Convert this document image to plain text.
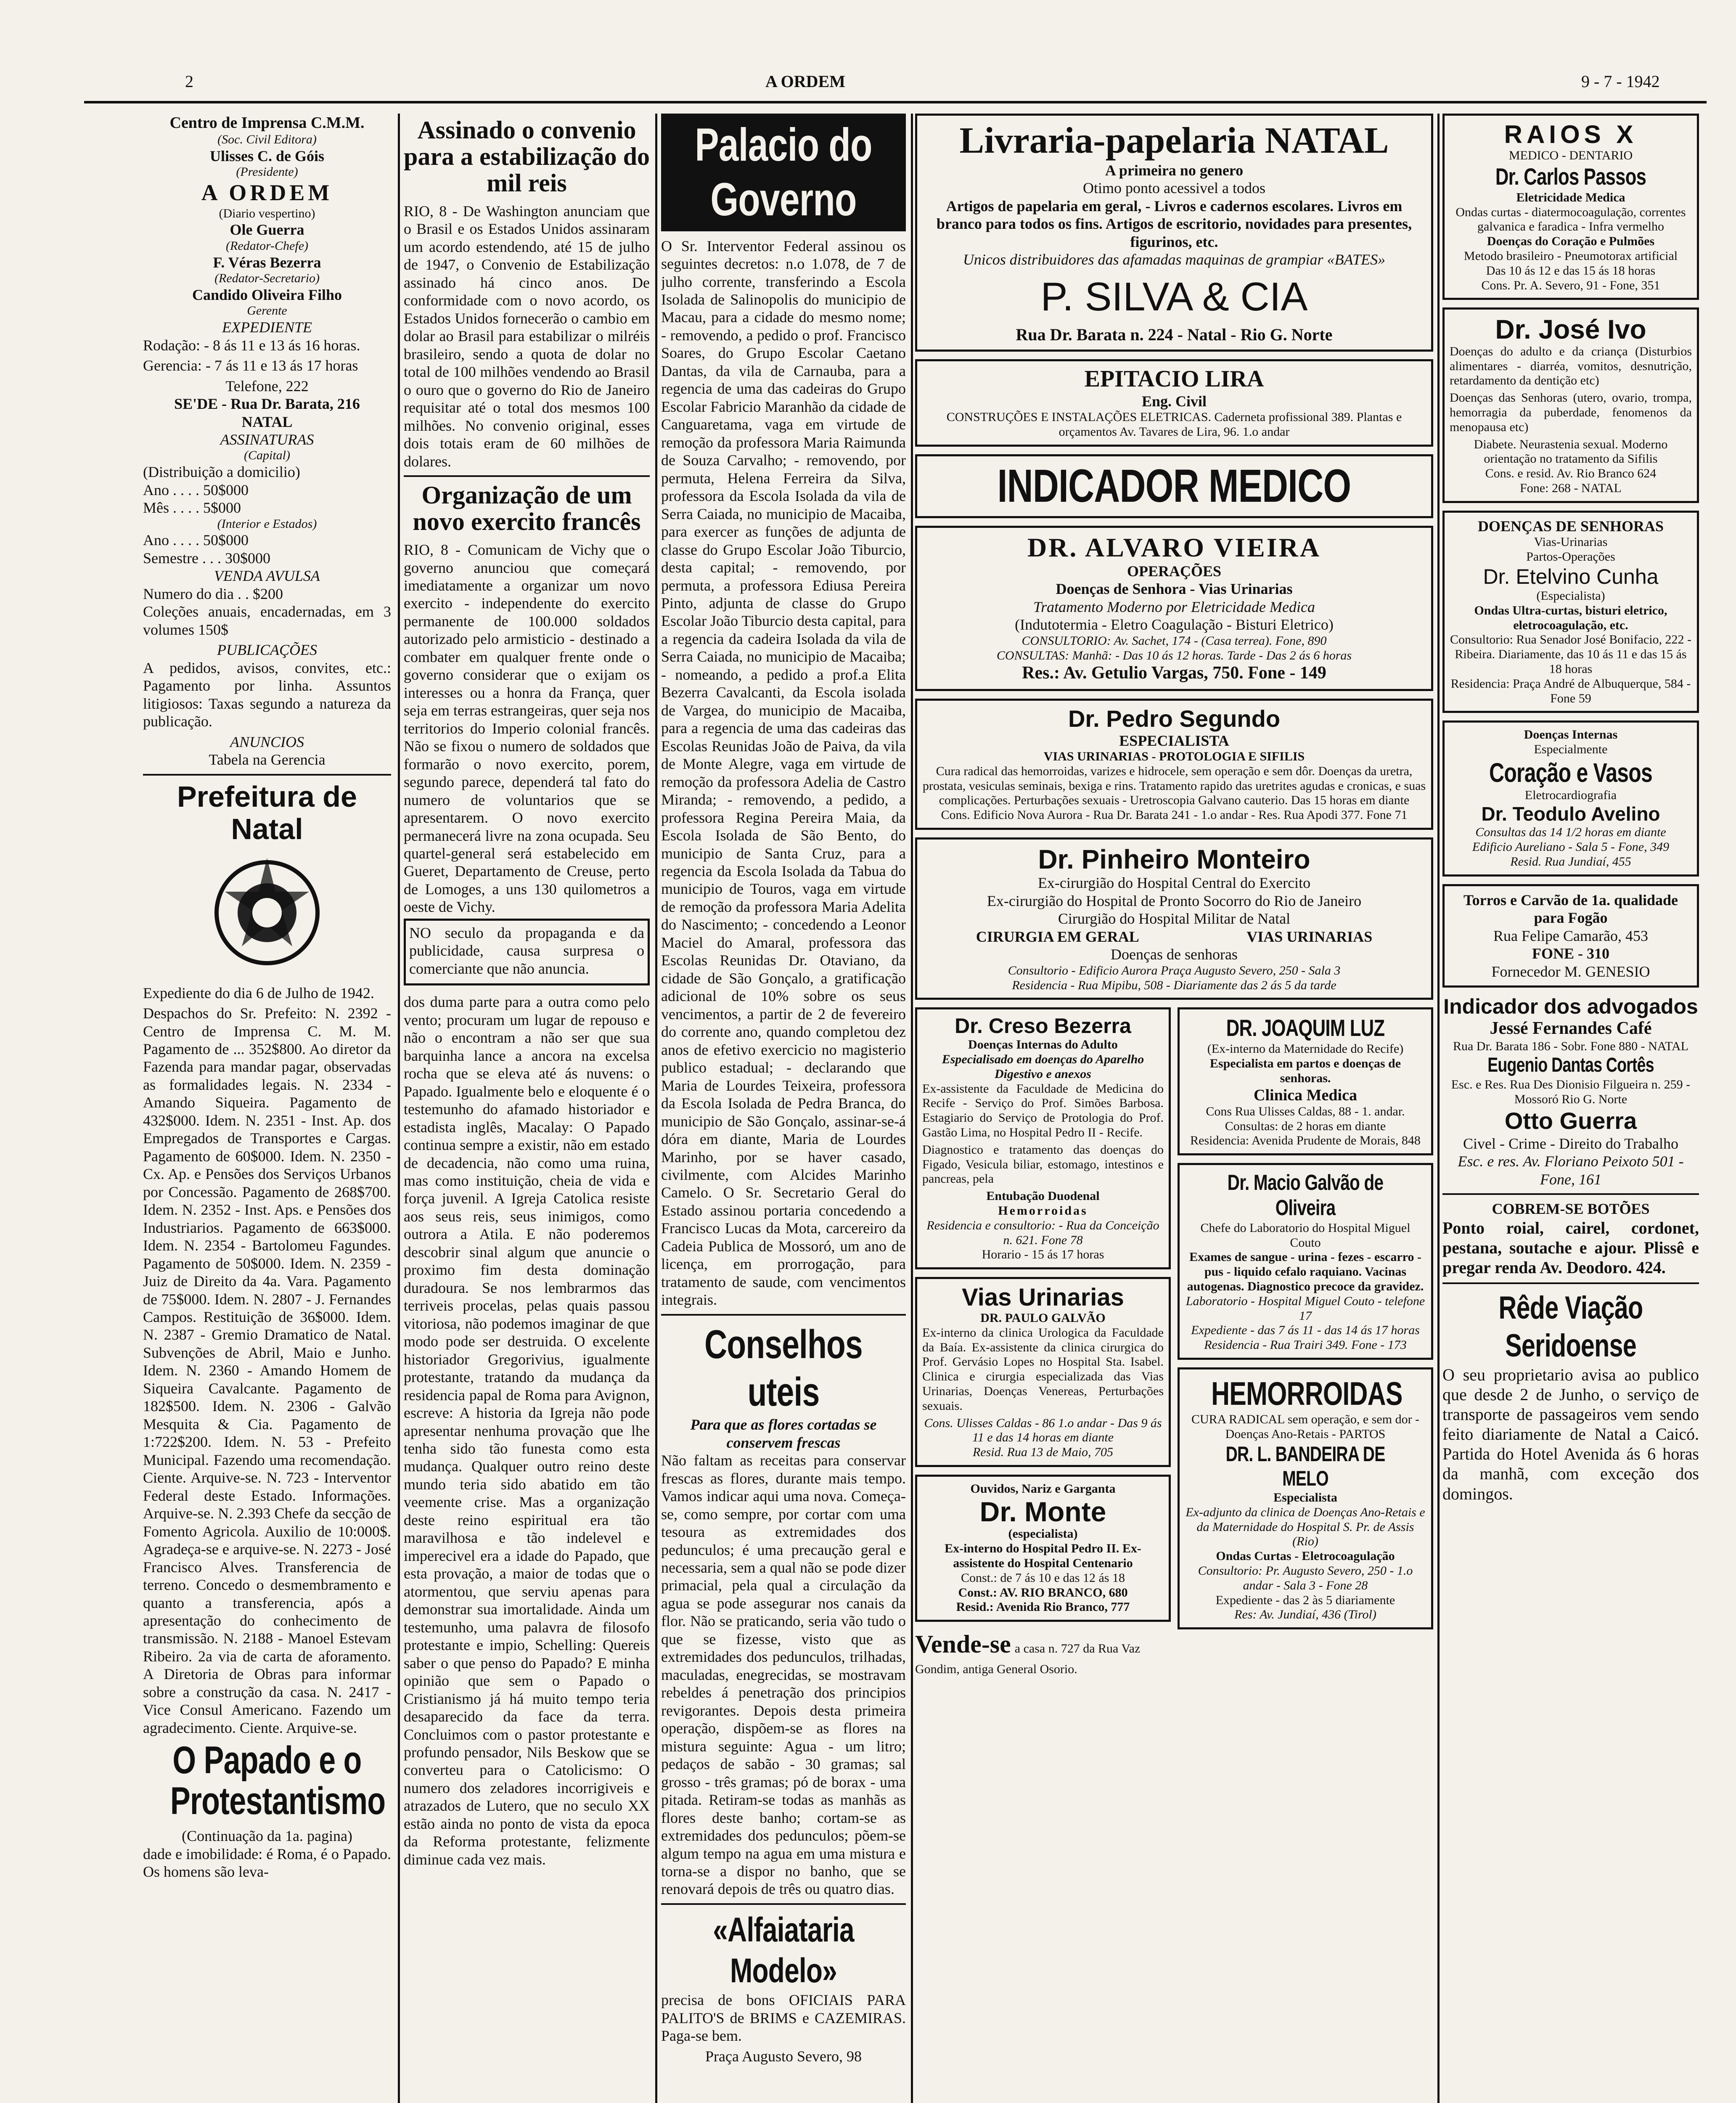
2	A ORDEM	9 - 7 - 1942
Centro de Imprensa C.M.M.
(Soc. Civil Editora)
Ulisses C. de Góis
(Presidente)
A ORDEM
(Diario vespertino)
Ole Guerra
(Redator-Chefe)
F. Véras Bezerra
(Redator-Secretario)
Candido Oliveira Filho
Gerente
EXPEDIENTE

Rodação: - 8 ás 11 e 13 ás 16 horas.

Gerencia: - 7 ás 11 e 13 ás 17 horas

Telefone, 222
SE'DE - Rua Dr. Barata, 216
NATAL
ASSINATURAS
(Capital)
(Distribuição a domicilio)
Ano . . . . 50$000
Mês . . . . 5$000
(Interior e Estados)
Ano . . . . 50$000
Semestre . . . 30$000
VENDA AVULSA
Numero do dia . . $200

Coleções anuais, encadernadas, em 3 volumes 150$

PUBLICAÇÕES

A pedidos, avisos, convites, etc.: Pagamento por linha. Assuntos litigiosos: Taxas segundo a natureza da publicação.

ANUNCIOS
Tabela na Gerencia
Prefeitura de Natal

Expediente do dia 6 de Julho de 1942.

Despachos do Sr. Prefeito: N. 2392 - Centro de Imprensa C. M. M. Pagamento de ... 352$800. Ao diretor da Fazenda para mandar pagar, observadas as formalidades legais. N. 2334 - Amando Siqueira. Pagamento de 432$000. Idem. N. 2351 - Inst. Ap. dos Empregados de Transportes e Cargas. Pagamento de 60$000. Idem. N. 2350 - Cx. Ap. e Pensões dos Serviços Urbanos por Concessão. Pagamento de 268$700. Idem. N. 2352 - Inst. Aps. e Pensões dos Industriarios. Pagamento de 663$000. Idem. N. 2354 - Bartolomeu Fagundes. Pagamento de 50$000. Idem. N. 2359 - Juiz de Direito da 4a. Vara. Pagamento de 75$000. Idem. N. 2807 - J. Fernandes Campos. Restituição de 36$000. Idem. N. 2387 - Gremio Dramatico de Natal. Subvenções de Abril, Maio e Junho. Idem. N. 2360 - Amando Homem de Siqueira Cavalcante. Pagamento de 182$500. Idem. N. 2306 - Galvão Mesquita & Cia. Pagamento de 1:722$200. Idem. N. 53 - Prefeito Municipal. Fazendo uma recomendação. Ciente. Arquive-se. N. 723 - Interventor Federal deste Estado. Informações. Arquive-se. N. 2.393 Chefe da secção de Fomento Agricola. Auxilio de 10:000$. Agradeça-se e arquive-se. N. 2273 - José Francisco Alves. Transferencia de terreno. Concedo o desmembramento e quanto a transferencia, após a apresentação do conhecimento de transmissão. N. 2188 - Manoel Estevam Ribeiro. 2a via de carta de aforamento. A Diretoria de Obras para informar sobre a construção da casa. N. 2417 - Vice Consul Americano. Fazendo um agradecimento. Ciente. Arquive-se.

O Papado e o Protestantismo
(Continuação da 1a. pagina)

dade e imobilidade: é Roma, é o Papado. Os homens são leva-

Assinado o convenio para a estabilização do mil reis

RIO, 8 - De Washington anunciam que o Brasil e os Estados Unidos assinaram um acordo estendendo, até 15 de julho de 1947, o Convenio de Estabilização assinado há cinco anos. De conformidade com o novo acordo, os Estados Unidos fornecerão o cambio em dolar ao Brasil para estabilizar o milréis brasileiro, sendo a quota de dolar no total de 100 milhões vendendo ao Brasil o ouro que o governo do Rio de Janeiro requisitar até o total dos mesmos 100 milhões. No convenio original, esses dois totais eram de 60 milhões de dolares.

Organização de um novo exercito francês

RIO, 8 - Comunicam de Vichy que o governo anunciou que começará imediatamente a organizar um novo exercito - independente do exercito permanente de 100.000 soldados autorizado pelo armisticio - destinado a combater em qualquer frente onde o governo considerar que o exijam os interesses ou a honra da França, quer seja em terras estrangeiras, quer seja nos territorios do Imperio colonial francês. Não se fixou o numero de soldados que formarão o novo exercito, porem, segundo parece, dependerá tal fato do numero de voluntarios que se apresentarem. O novo exercito permanecerá livre na zona ocupada. Seu quartel-general será estabelecido em Gueret, Departamento de Creuse, perto de Lomoges, a uns 130 quilometros a oeste de Vichy.

NO seculo da propaganda e da publicidade, causa surpresa o comerciante que não anuncia.

dos duma parte para a outra como pelo vento; procuram um lugar de repouso e não o encontram a não ser que sua barquinha lance a ancora na excelsa rocha que se eleva até ás nuvens: o Papado. Igualmente belo e eloquente é o testemunho do afamado historiador e estadista inglês, Macalay: O Papado continua sempre a existir, não em estado de decadencia, não como uma ruina, mas como instituição, cheia de vida e força juvenil. A Igreja Catolica resiste aos seus reis, seus inimigos, como outrora a Atila. E não poderemos descobrir sinal algum que anuncie o proximo fim desta dominação duradoura. Se nos lembrarmos das terriveis procelas, pelas quais passou vitoriosa, não podemos imaginar de que modo pode ser destruida. O excelente historiador Gregorivius, igualmente protestante, tratando da mudança da residencia papal de Roma para Avignon, escreve: A historia da Igreja não pode apresentar nenhuma provação que lhe tenha sido tão funesta como esta mudança. Qualquer outro reino deste mundo teria sido abatido em tão veemente crise. Mas a organização deste reino espiritual era tão maravilhosa e tão indelevel e imperecivel era a idade do Papado, que esta provação, a maior de todas que o atormentou, que serviu apenas para demonstrar sua imortalidade. Ainda um testemunho, uma palavra de filosofo protestante e impio, Schelling: Quereis saber o que penso do Papado? E minha opinião que sem o Papado o Cristianismo já há muito tempo teria desaparecido da face da terra. Concluimos com o pastor protestante e profundo pensador, Nils Beskow que se converteu para o Catolicismo: O numero dos zeladores incorrigiveis e atrazados de Lutero, que no seculo XX estão ainda no ponto de vista da epoca da Reforma protestante, felizmente diminue cada vez mais.

Palacio do Governo

O Sr. Interventor Federal assinou os seguintes decretos: n.o 1.078, de 7 de julho corrente, transferindo a Escola Isolada de Salinopolis do municipio de Macau, para a cidade do mesmo nome; - removendo, a pedido o prof. Francisco Soares, do Grupo Escolar Caetano Dantas, da vila de Carnauba, para a regencia de uma das cadeiras do Grupo Escolar Fabricio Maranhão da cidade de Canguaretama, vaga em virtude de remoção da professora Maria Raimunda de Souza Carvalho; - removendo, por permuta, Helena Ferreira da Silva, professora da Escola Isolada da vila de Serra Caiada, no municipio de Macaiba, para exercer as funções de adjunta de classe do Grupo Escolar João Tiburcio, desta capital; - removendo, por permuta, a professora Ediusa Pereira Pinto, adjunta de classe do Grupo Escolar João Tiburcio desta capital, para a regencia da cadeira Isolada da vila de Serra Caiada, no municipio de Macaiba; - nomeando, a pedido a prof.a Elita Bezerra Cavalcanti, da Escola isolada de Vargea, do municipio de Macaiba, para a regencia de uma das cadeiras das Escolas Reunidas João de Paiva, da vila de Monte Alegre, vaga em virtude de remoção da professora Adelia de Castro Miranda; - removendo, a pedido, a professora Regina Pereira Maia, da Escola Isolada de São Bento, do municipio de Santa Cruz, para a regencia da Escola Isolada da Tabua do municipio de Touros, vaga em virtude de remoção da professora Maria Adelita do Nascimento; - concedendo a Leonor Maciel do Amaral, professora das Escolas Reunidas Dr. Otaviano, da cidade de São Gonçalo, a gratificação adicional de 10% sobre os seus vencimentos, a partir de 2 de fevereiro do corrente ano, quando completou dez anos de efetivo exercicio no magisterio publico estadual; - declarando que Maria de Lourdes Teixeira, professora da Escola Isolada de Pedra Branca, do municipio de São Gonçalo, assinar-se-á dóra em diante, Maria de Lourdes Marinho, por se haver casado, civilmente, com Alcides Marinho Camelo. O Sr. Secretario Geral do Estado assinou portaria concedendo a Francisco Lucas da Mota, carcereiro da Cadeia Publica de Mossoró, um ano de licença, em prorrogação, para tratamento de saude, com vencimentos integrais.

Conselhos uteis
Para que as flores cortadas se conservem frescas

Não faltam as receitas para conservar frescas as flores, durante mais tempo. Vamos indicar aqui uma nova. Começa-se, como sempre, por cortar com uma tesoura as extremidades dos pedunculos; é uma precaução geral e necessaria, sem a qual não se pode dizer primacial, pela qual a circulação da agua se pode assegurar nos canais da flor. Não se praticando, seria vão tudo o que se fizesse, visto que as extremidades dos pedunculos, trilhadas, maculadas, enegrecidas, se mostravam rebeldes á penetração dos principios revigorantes. Depois desta primeira operação, dispõem-se as flores na mistura seguinte: Agua - um litro; pedaços de sabão - 30 gramas; sal grosso - três gramas; pó de borax - uma pitada. Retiram-se todas as manhãs as flores deste banho; cortam-se as extremidades dos pedunculos; põem-se algum tempo na agua em uma mistura e torna-se a dispor no banho, que se renovará depois de três ou quatro dias.

«Alfaiataria Modelo»

precisa de bons OFICIAIS PARA PALITO'S de BRIMS e CAZEMIRAS. Paga-se bem.

Praça Augusto Severo, 98
Livraria-papelaria NATAL
A primeira no genero
Otimo ponto acessivel a todos
Artigos de papelaria em geral, - Livros e cadernos escolares. Livros em branco para todos os fins. Artigos de escritorio, novidades para presentes, figurinos, etc.
Unicos distribuidores das afamadas maquinas de grampiar «BATES»
P. SILVA & CIA
Rua Dr. Barata n. 224 - Natal - Rio G. Norte
EPITACIO LIRA
Eng. Civil
CONSTRUÇÕES E INSTALAÇÕES ELETRICAS. Caderneta profissional 389. Plantas e orçamentos Av. Tavares de Lira, 96. 1.o andar
INDICADOR MEDICO
DR. ALVARO VIEIRA
OPERAÇÕES
Doenças de Senhora - Vias Urinarias
Tratamento Moderno por Eletricidade Medica
(Indutotermia - Eletro Coagulação - Bisturi Eletrico)
CONSULTORIO: Av. Sachet, 174 - (Casa terrea). Fone, 890
CONSULTAS: Manhã: - Das 10 ás 12 horas. Tarde - Das 2 ás 6 horas
Res.: Av. Getulio Vargas, 750. Fone - 149
Dr. Pedro Segundo
ESPECIALISTA
VIAS URINARIAS - PROTOLOGIA E SIFILIS
Cura radical das hemorroidas, varizes e hidrocele, sem operação e sem dôr. Doenças da uretra, prostata, vesiculas seminais, bexiga e rins. Tratamento rapido das uretrites agudas e cronicas, e suas complicações. Perturbações sexuais - Uretroscopia Galvano cauterio. Das 15 horas em diante
Cons. Edificio Nova Aurora - Rua Dr. Barata 241 - 1.o andar - Res. Rua Apodi 377. Fone 71
Dr. Pinheiro Monteiro
Ex-cirurgião do Hospital Central do Exercito
Ex-cirurgião do Hospital de Pronto Socorro do Rio de Janeiro
Cirurgião do Hospital Militar de Natal
CIRURGIA EM GERAL	VIAS URINARIAS
Doenças de senhoras
Consultorio - Edificio Aurora Praça Augusto Severo, 250 - Sala 3
Residencia - Rua Mipibu, 508 - Diariamente das 2 ás 5 da tarde
Dr. Creso Bezerra
Doenças Internas do Adulto
Especialisado em doenças do Aparelho Digestivo e anexos

Ex-assistente da Faculdade de Medicina do Recife - Serviço do Prof. Simões Barbosa. Estagiario do Serviço de Protologia do Prof. Gastão Lima, no Hospital Pedro II - Recife.

Diagnostico e tratamento das doenças do Figado, Vesicula biliar, estomago, intestinos e pancreas, pela

Entubação Duodenal
Hemorroidas
Residencia e consultorio: - Rua da Conceição n. 621. Fone 78
Horario - 15 ás 17 horas
Vias Urinarias
DR. PAULO GALVÃO

Ex-interno da clinica Urologica da Faculdade da Baía. Ex-assistente da clinica cirurgica do Prof. Gervásio Lopes no Hospital Sta. Isabel. Clinica e cirurgia especializada das Vias Urinarias, Doenças Venereas, Perturbações sexuais.

Cons. Ulisses Caldas - 86 1.o andar - Das 9 ás 11 e das 14 horas em diante
Resid. Rua 13 de Maio, 705
Ouvidos, Nariz e Garganta
Dr. Monte
(especialista)
Ex-interno do Hospital Pedro II. Ex-assistente do Hospital Centenario
Const.: de 7 ás 10 e das 12 ás 18
Const.: AV. RIO BRANCO, 680
Resid.: Avenida Rio Branco, 777
Vende-se a casa n. 727 da Rua Vaz Gondim, antiga General Osorio.
DR. JOAQUIM LUZ
(Ex-interno da Maternidade do Recife)
Especialista em partos e doenças de senhoras.
Clinica Medica
Cons Rua Ulisses Caldas, 88 - 1. andar. Consultas: de 2 horas em diante
Residencia: Avenida Prudente de Morais, 848
Dr. Macio Galvão de Oliveira
Chefe do Laboratorio do Hospital Miguel Couto
Exames de sangue - urina - fezes - escarro - pus - liquido cefalo raquiano. Vacinas autogenas. Diagnostico precoce da gravidez.
Laboratorio - Hospital Miguel Couto - telefone 17
Expediente - das 7 ás 11 - das 14 ás 17 horas
Residencia - Rua Trairi 349. Fone - 173
HEMORROIDAS
CURA RADICAL sem operação, e sem dor - Doenças Ano-Retais - PARTOS
DR. L. BANDEIRA DE MELO
Especialista
Ex-adjunto da clinica de Doenças Ano-Retais e da Maternidade do Hospital S. Pr. de Assis (Rio)
Ondas Curtas - Eletrocoagulação
Consultorio: Pr. Augusto Severo, 250 - 1.o andar - Sala 3 - Fone 28
Expediente - das 2 às 5 diariamente
Res: Av. Jundiaí, 436 (Tirol)
RAIOS X
MEDICO - DENTARIO
Dr. Carlos Passos
Eletricidade Medica
Ondas curtas - diatermocoagulação, correntes galvanica e faradica - Infra vermelho
Doenças do Coração e Pulmões
Metodo brasileiro - Pneumotorax artificial
Das 10 ás 12 e das 15 ás 18 horas
Cons. Pr. A. Severo, 91 - Fone, 351
Dr. José Ivo

Doenças do adulto e da criança (Disturbios alimentares - diarréa, vomitos, desnutrição, retardamento da dentição etc)

Doenças das Senhoras (utero, ovario, trompa, hemorragia da puberdade, fenomenos da menopausa etc)

Diabete. Neurastenia sexual. Moderno orientação no tratamento da Sifilis
Cons. e resid. Av. Rio Branco 624
Fone: 268 - NATAL
DOENÇAS DE SENHORAS
Vias-Urinarias
Partos-Operações
Dr. Etelvino Cunha
(Especialista)
Ondas Ultra-curtas, bisturi eletrico, eletrocoagulação, etc.
Consultorio: Rua Senador José Bonifacio, 222 - Ribeira. Diariamente, das 10 ás 11 e das 15 ás 18 horas
Residencia: Praça André de Albuquerque, 584 - Fone 59
Doenças Internas
Especialmente
Coração e Vasos
Eletrocardiografia
Dr. Teodulo Avelino
Consultas das 14 1/2 horas em diante
Edificio Aureliano - Sala 5 - Fone, 349
Resid. Rua Jundiaí, 455
Torros e Carvão de 1a. qualidade para Fogão
Rua Felipe Camarão, 453
FONE - 310
Fornecedor M. GENESIO
Indicador dos advogados
Jessé Fernandes Café
Rua Dr. Barata 186 - Sobr. Fone 880 - NATAL
Eugenio Dantas Cortês
Esc. e Res. Rua Des Dionisio Filgueira n. 259 - Mossoró Rio G. Norte
Otto Guerra
Civel - Crime - Direito do Trabalho
Esc. e res. Av. Floriano Peixoto 501 - Fone, 161
COBREM-SE BOTÕES

Ponto roial, cairel, cordonet, pestana, soutache e ajour. Plissê e pregar renda Av. Deodoro. 424.

Rêde Viação Seridoense

O seu proprietario avisa ao publico que desde 2 de Junho, o serviço de transporte de passageiros vem sendo feito diariamente de Natal a Caicó. Partida do Hotel Avenida ás 6 horas da manhã, com exceção dos domingos.
